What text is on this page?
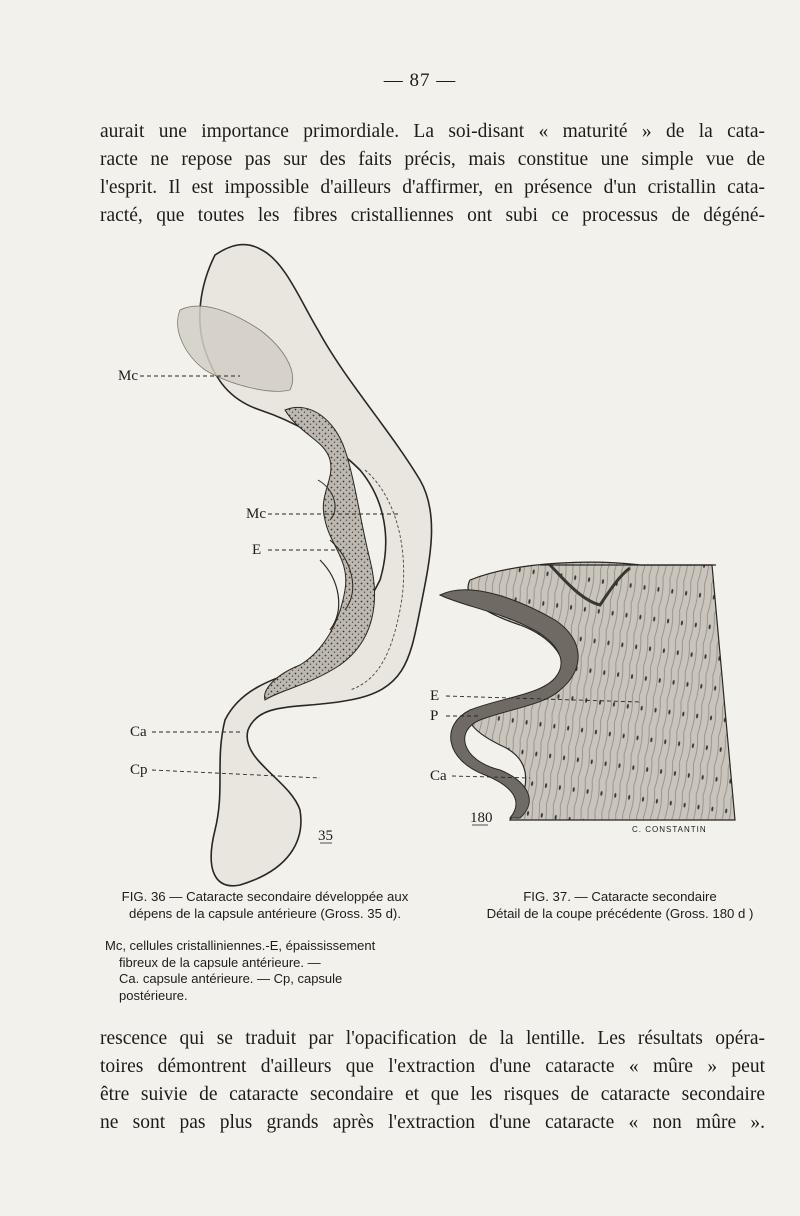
— 87 —
aurait une importance primordiale. La soi-disant « maturité » de la cata-
racte ne repose pas sur des faits précis, mais constitue une simple vue de
l'esprit. Il est impossible d'ailleurs d'affirmer, en présence d'un cristallin cata-
racté, que toutes les fibres cristalliennes ont subi ce processus de dégéné-
Mc
Mc
E
Ca
Cp
35
E
P
Ca
180
C. CONSTANTIN
FIG. 36 — Cataracte secondaire développée aux
dépens de la capsule antérieure (Gross. 35 d).
FIG. 37. — Cataracte secondaire
Détail de la coupe précédente (Gross. 180 d )
Mc, cellules cristalliniennes.-E, épaississement
fibreux de la capsule antérieure. —
Ca. capsule antérieure. — Cp, capsule
postérieure.
rescence qui se traduit par l'opacification de la lentille. Les résultats opéra-
toires démontrent d'ailleurs que l'extraction d'une cataracte « mûre » peut
être suivie de cataracte secondaire et que les risques de cataracte secondaire
ne sont pas plus grands après l'extraction d'une cataracte « non mûre ».
